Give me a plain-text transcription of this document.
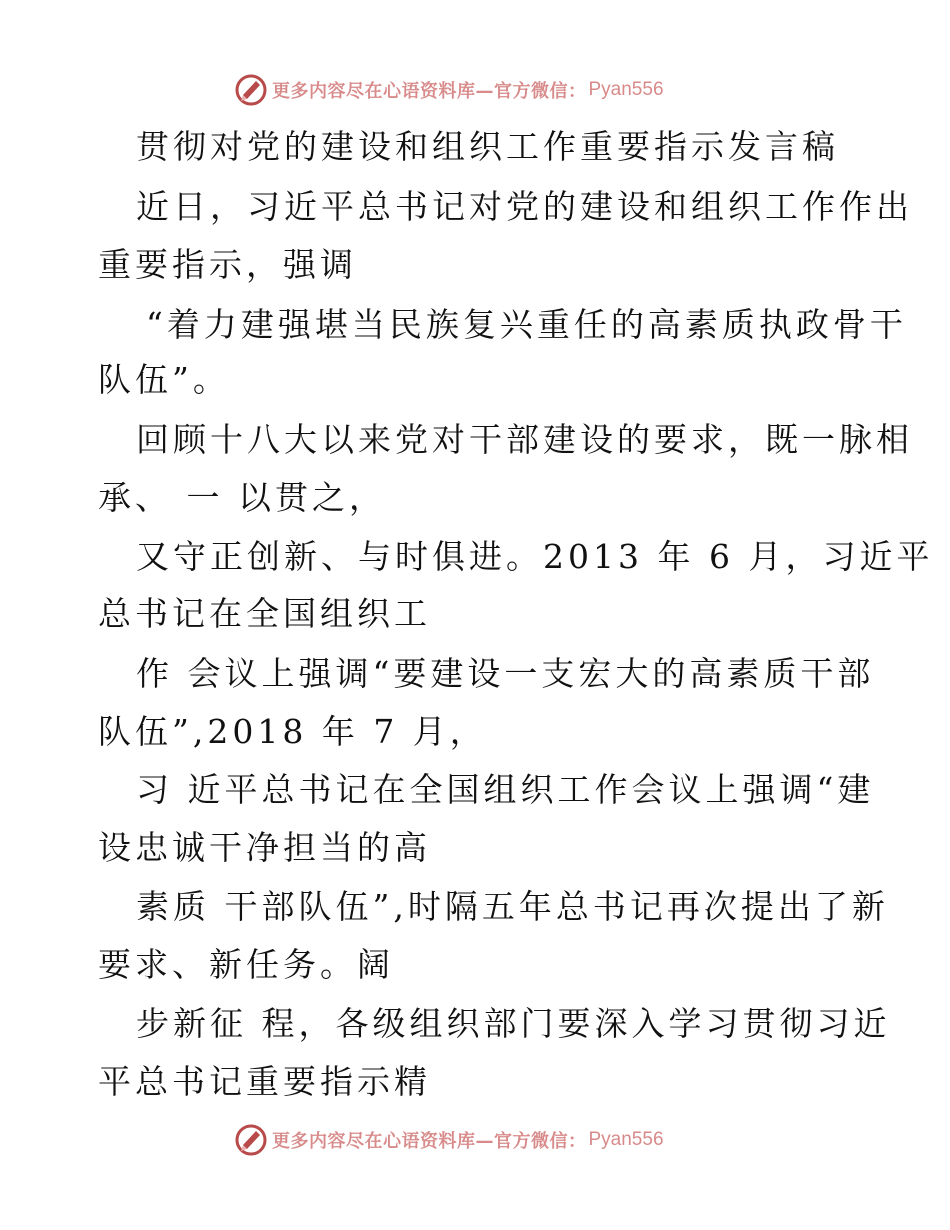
更多内容尽在心语资料库—官方微信： Pyan556
贯彻对党的建设和组织工作重要指示发言稿
近日，习近平总书记对党的建设和组织工作作出
重要指示，强调
“着力建强堪当民族复兴重任的高素质执政骨干
队伍”。
回顾十八大以来党对干部建设的要求，既一脉相
承、 一 以贯之，
又守正创新、与时俱进。2013 年 6 月，习近平
总书记在全国组织工
作 会议上强调“要建设一支宏大的高素质干部
队伍”,2018 年 7 月，
习 近平总书记在全国组织工作会议上强调“建
设忠诚干净担当的高
素质 干部队伍”,时隔五年总书记再次提出了新
要求、新任务。阔
步新征 程，各级组织部门要深入学习贯彻习近
平总书记重要指示精
更多内容尽在心语资料库—官方微信： Pyan556
